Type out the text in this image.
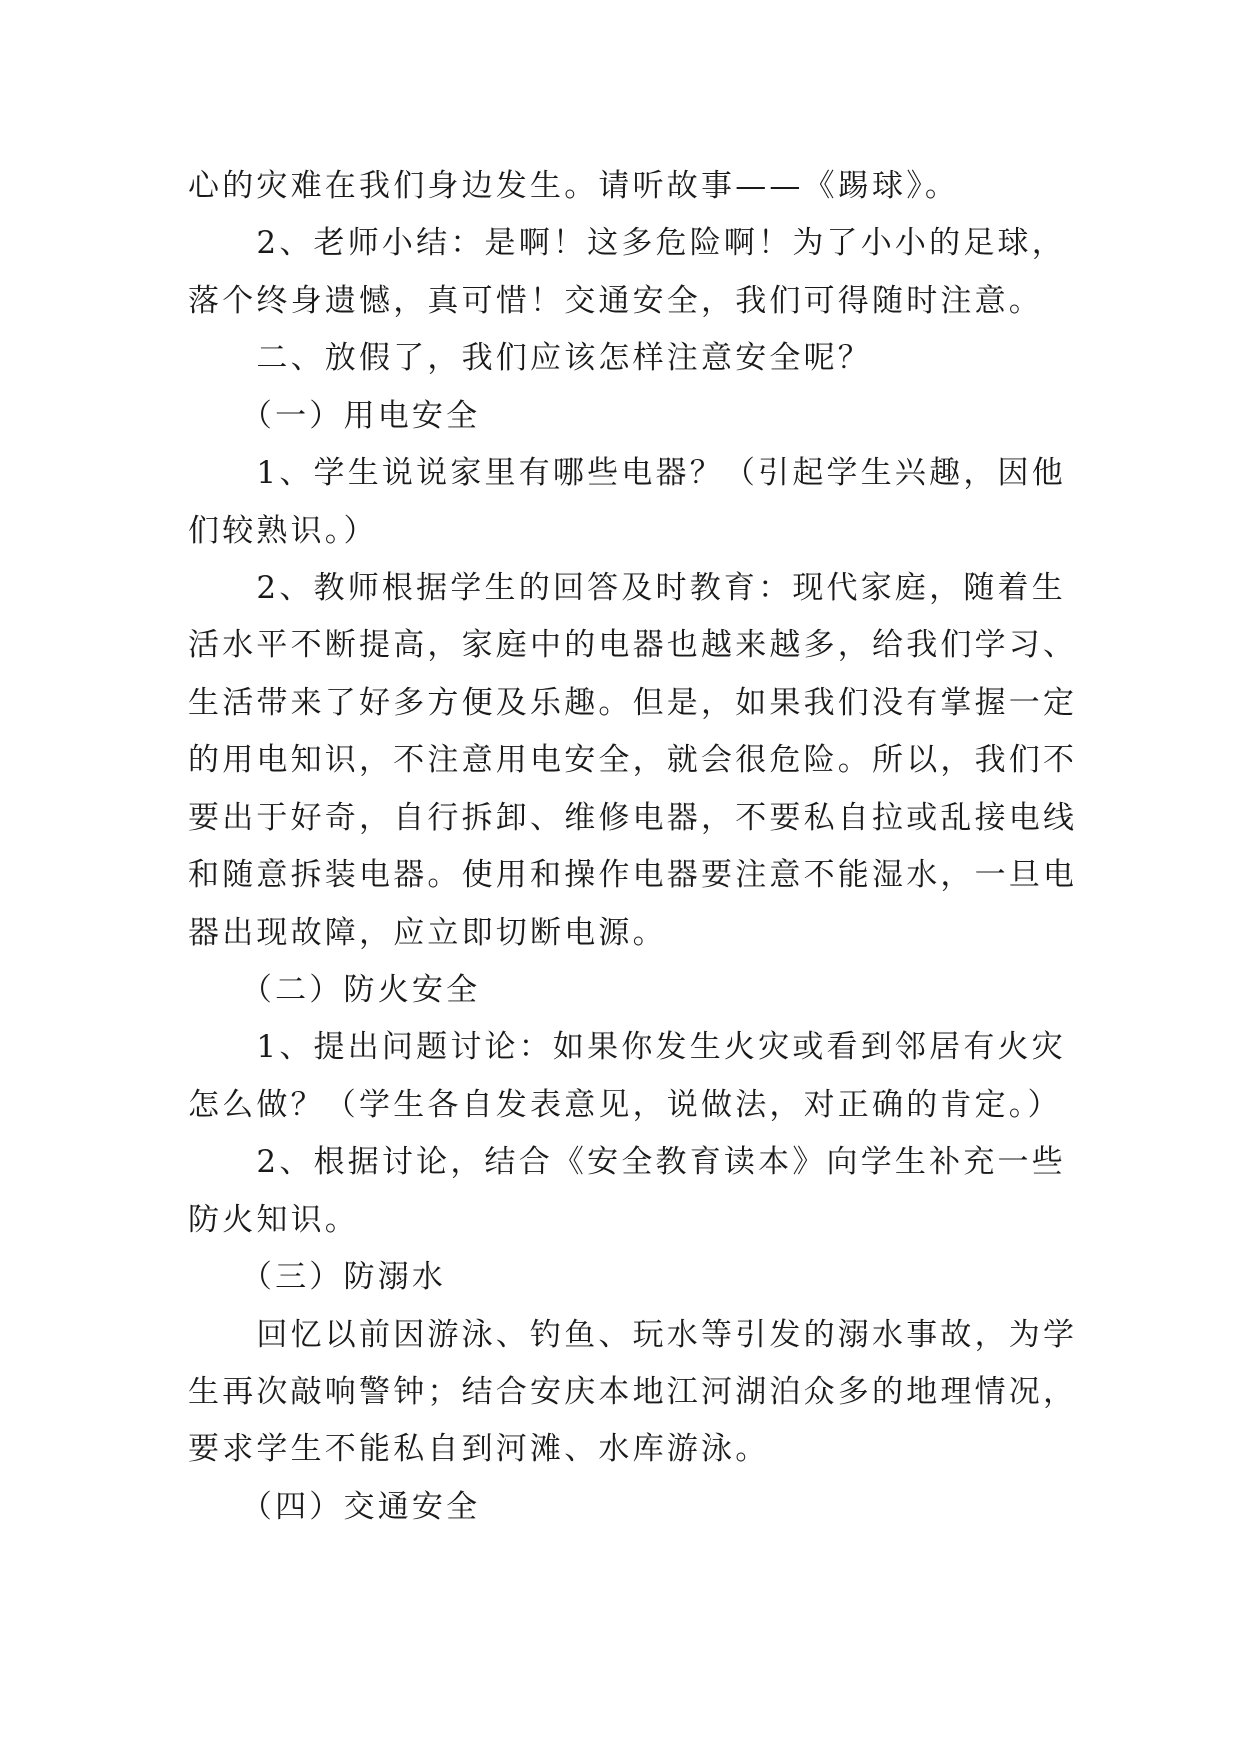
心的灾难在我们身边发生。请听故事——《踢球》。
　　2、老师小结：是啊！这多危险啊！为了小小的足球，
落个终身遗憾，真可惜！交通安全，我们可得随时注意。
　　二、放假了，我们应该怎样注意安全呢？
　　（一）用电安全
　　1、学生说说家里有哪些电器？（引起学生兴趣，因他
们较熟识。）
　　2、教师根据学生的回答及时教育：现代家庭，随着生
活水平不断提高，家庭中的电器也越来越多，给我们学习、
生活带来了好多方便及乐趣。但是，如果我们没有掌握一定
的用电知识，不注意用电安全，就会很危险。所以，我们不
要出于好奇，自行拆卸、维修电器，不要私自拉或乱接电线
和随意拆装电器。使用和操作电器要注意不能湿水，一旦电
器出现故障，应立即切断电源。
　　（二）防火安全
　　1、提出问题讨论：如果你发生火灾或看到邻居有火灾
怎么做？（学生各自发表意见，说做法，对正确的肯定。）
　　2、根据讨论，结合《安全教育读本》向学生补充一些
防火知识。
　　（三）防溺水
　　回忆以前因游泳、钓鱼、玩水等引发的溺水事故，为学
生再次敲响警钟；结合安庆本地江河湖泊众多的地理情况，
要求学生不能私自到河滩、水库游泳。
　　（四）交通安全
